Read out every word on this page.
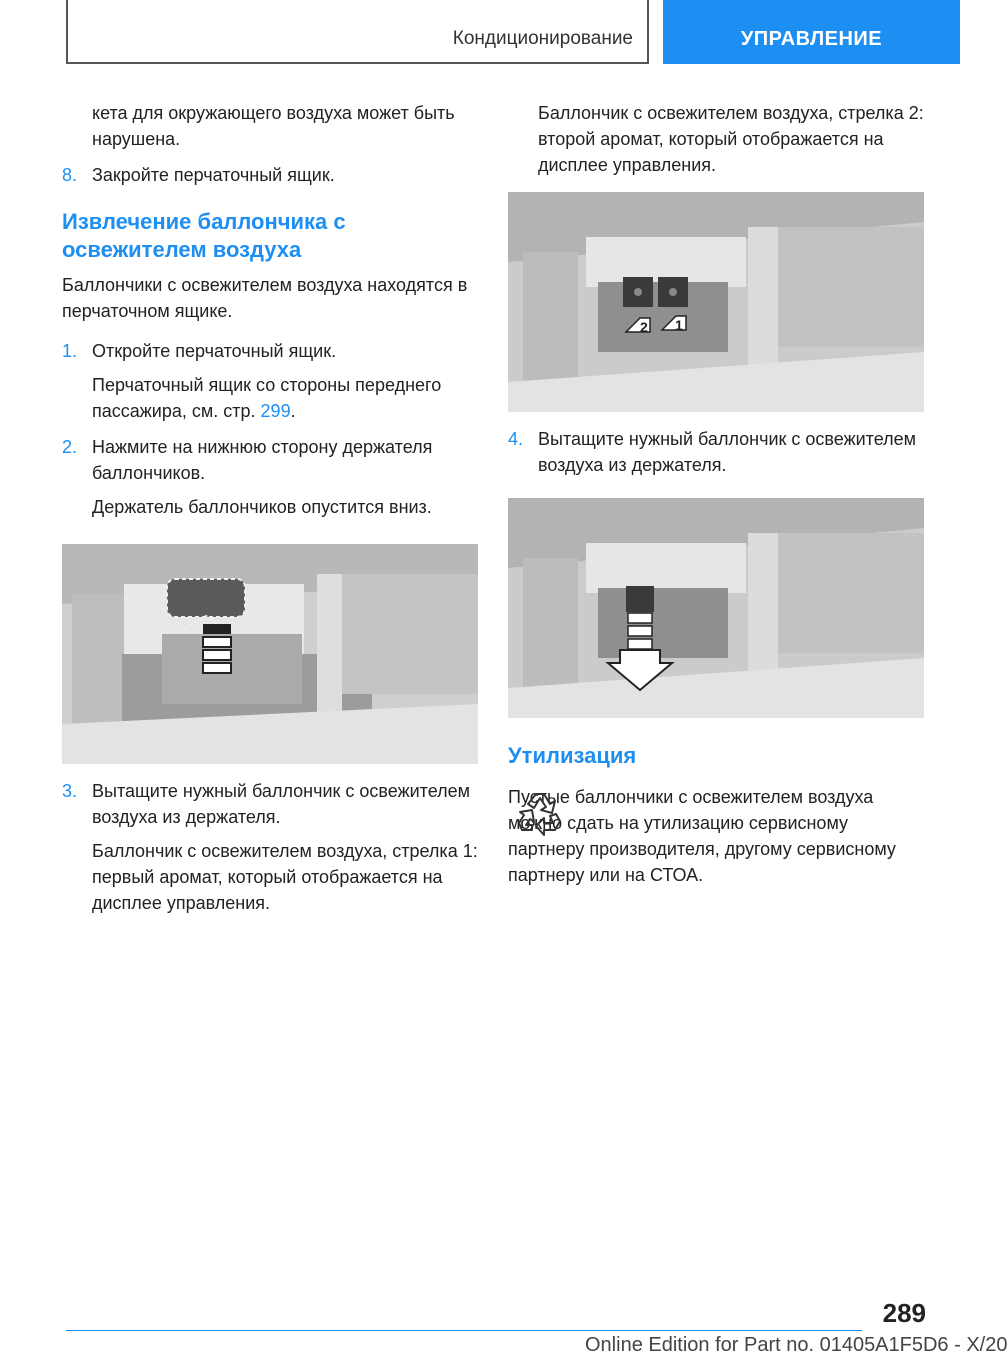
Кондиционирование	УПРАВЛЕНИЕ

кета для окружающего воздуха может быть нарушена.

8. Закройте перчаточный ящик.
Извлечение баллончика с освежителем воздуха

Баллончики с освежителем воздуха находятся в перчаточном ящике.

1. Откройте перчаточный ящик.

Перчаточный ящик со стороны переднего пассажира, см. стр. 299.

2. Нажмите на нижнюю сторону держателя баллончиков.

Держатель баллончиков опустится вниз.

3. Вытащите нужный баллончик с освежителем воздуха из держателя.

Баллончик с освежителем воздуха, стрелка 1: первый аромат, который отображается на дисплее управления.

Баллончик с освежителем воздуха, стрелка 2: второй аромат, который отображается на дисплее управления.

2 1
4. Вытащите нужный баллончик с освежителем воздуха из держателя.
Утилизация

Пустые баллончики с освежителем воздуха можно сдать на утилизацию сервисному партнеру производителя, другому сервисному партнеру или на СТОА.

289
Online Edition for Part no. 01405A1F5D6 - X/20
